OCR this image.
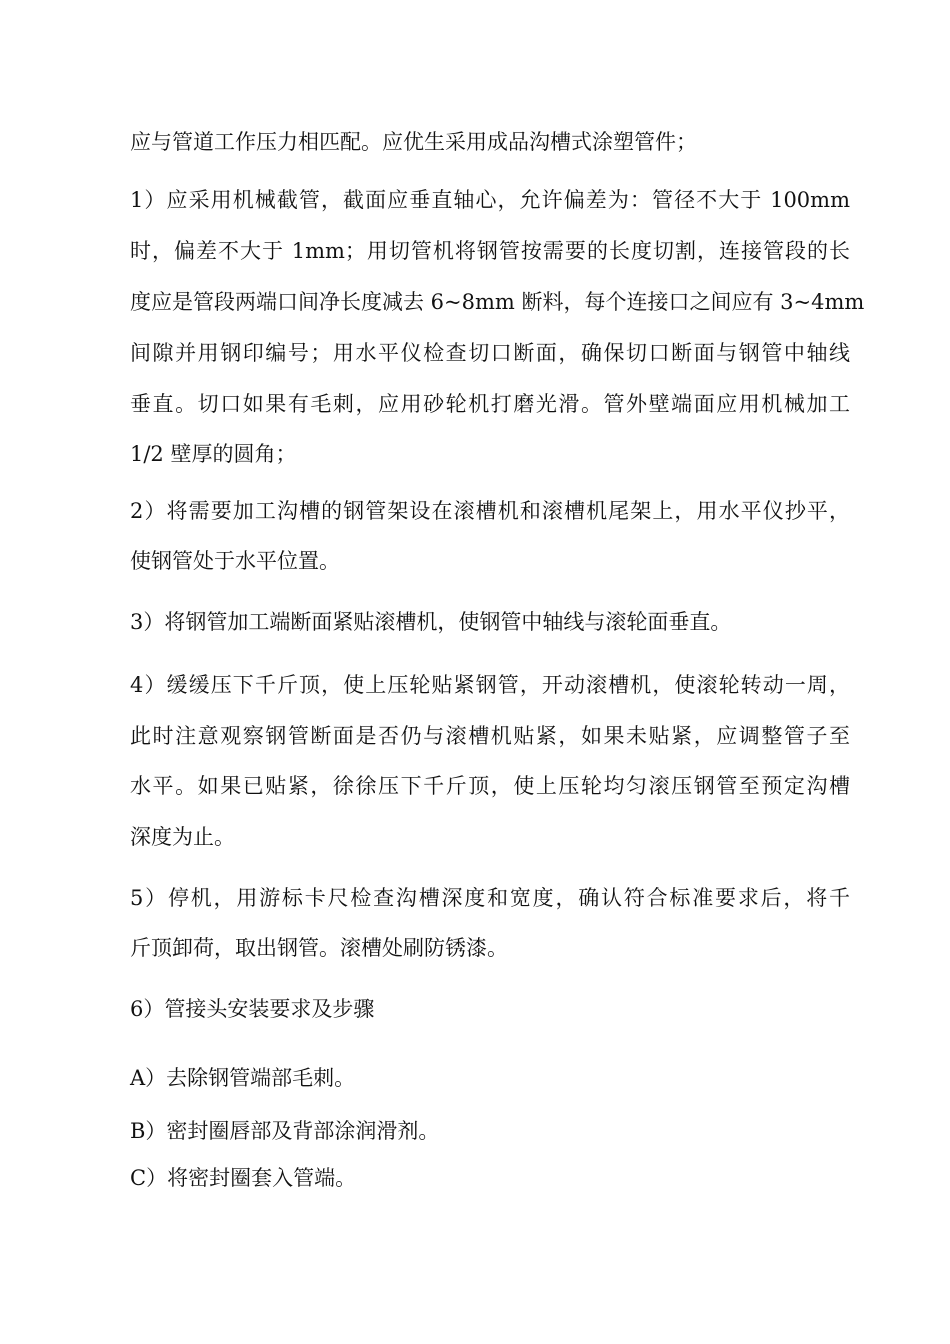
应与管道工作压力相匹配。应优生采用成品沟槽式涂塑管件；
1）应采用机械截管，截面应垂直轴心，允许偏差为：管径不大于 100mm
时，偏差不大于 1mm；用切管机将钢管按需要的长度切割，连接管段的长
度应是管段两端口间净长度减去 6~8mm 断料，每个连接口之间应有 3~4mm
间隙并用钢印编号；用水平仪检查切口断面，确保切口断面与钢管中轴线
垂直。切口如果有毛刺，应用砂轮机打磨光滑。管外壁端面应用机械加工
1/2 壁厚的圆角；
2）将需要加工沟槽的钢管架设在滚槽机和滚槽机尾架上，用水平仪抄平，
使钢管处于水平位置。
3）将钢管加工端断面紧贴滚槽机，使钢管中轴线与滚轮面垂直。
4）缓缓压下千斤顶，使上压轮贴紧钢管，开动滚槽机，使滚轮转动一周，
此时注意观察钢管断面是否仍与滚槽机贴紧，如果未贴紧，应调整管子至
水平。如果已贴紧，徐徐压下千斤顶，使上压轮均匀滚压钢管至预定沟槽
深度为止。
5）停机，用游标卡尺检查沟槽深度和宽度，确认符合标准要求后，将千
斤顶卸荷，取出钢管。滚槽处刷防锈漆。
6）管接头安装要求及步骤
A）去除钢管端部毛刺。
B）密封圈唇部及背部涂润滑剂。
C）将密封圈套入管端。
